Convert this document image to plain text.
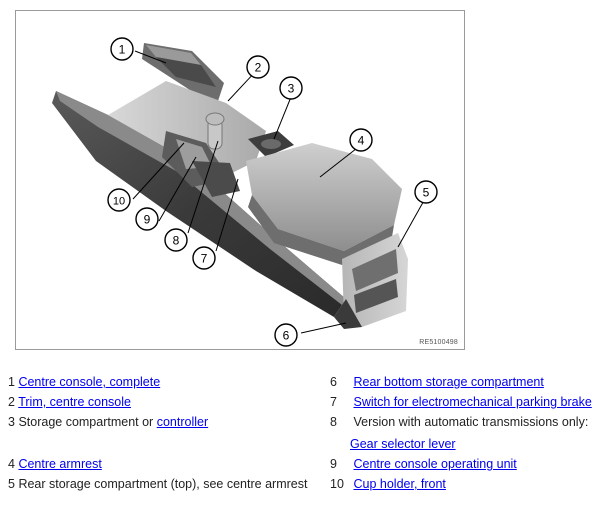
1
2
3
4
5
6
7
8
9
10
RE5100498
1 Centre console, complete
2 Trim, centre console
3 Storage compartment or controller
4 Centre armrest
5 Rear storage compartment (top), see centre armrest
6 Rear bottom storage compartment
7 Switch for electromechanical parking brake
8 Version with automatic transmissions only:
Gear selector lever
9 Centre console operating unit
10 Cup holder, front
